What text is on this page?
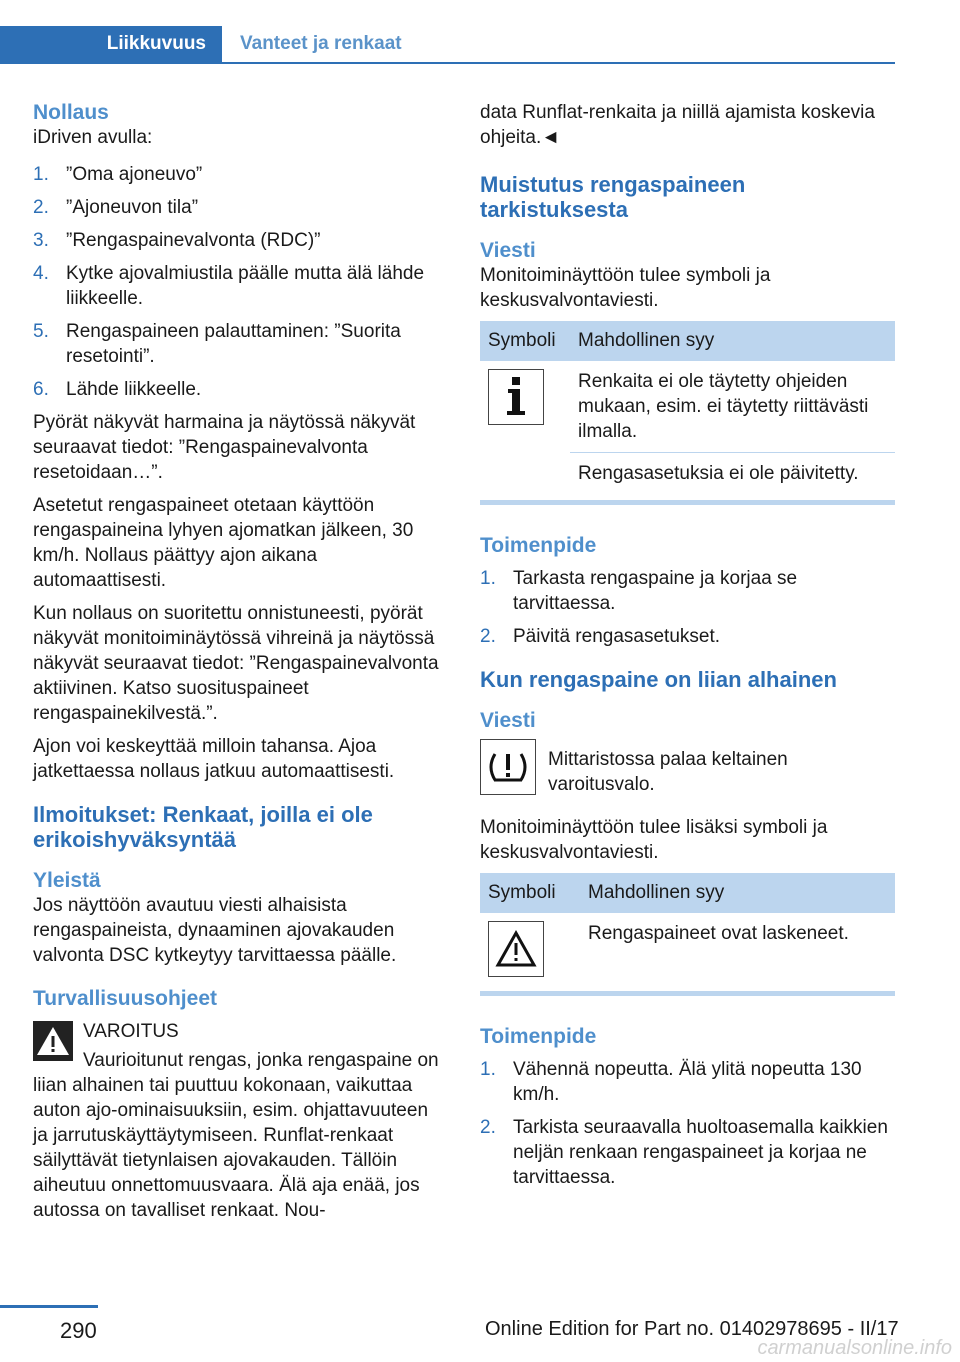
Liikkuvuus	Vanteet ja renkaat
Nollaus

iDriven avulla:

1. ”Oma ajoneuvo”
2. ”Ajoneuvon tila”
3. ”Rengaspainevalvonta (RDC)”
4. Kytke ajovalmiustila päälle mutta älä lähde liikkeelle.
5. Rengaspaineen palauttaminen: ”Suorita resetointi”.
6. Lähde liikkeelle.

Pyörät näkyvät harmaina ja näytössä näkyvät seuraavat tiedot: ”Rengaspainevalvonta resetoidaan…”.

Asetetut rengaspaineet otetaan käyttöön rengaspaineina lyhyen ajomatkan jälkeen, 30 km/h. Nollaus päättyy ajon aikana automaattisesti.

Kun nollaus on suoritettu onnistuneesti, pyörät näkyvät monitoiminäytössä vihreinä ja näytössä näkyvät seuraavat tiedot: ”Rengaspainevalvonta aktiivinen. Katso suosituspaineet rengaspainekilvestä.”.

Ajon voi keskeyttää milloin tahansa. Ajoa jatkettaessa nollaus jatkuu automaattisesti.

Ilmoitukset: Renkaat, joilla ei ole erikoishyväksyntää
Yleistä

Jos näyttöön avautuu viesti alhaisista rengaspaineista, dynaaminen ajovakauden valvonta DSC kytkeytyy tarvittaessa päälle.

Turvallisuusohjeet

VAROITUS

Vaurioitunut rengas, jonka rengaspaine on liian alhainen tai puuttuu kokonaan, vaikuttaa auton ajo-ominaisuuksiin, esim. ohjattavuuteen ja jarrutuskäyttäytymiseen. Runflat-renkaat säilyttävät tietynlaisen ajovakauden. Tällöin aiheutuu onnettomuusvaara. Älä aja enää, jos autossa on tavalliset renkaat. Nou-

data Runflat-renkaita ja niillä ajamista koskevia ohjeita.◄

Muistutus rengaspaineen tarkistuksesta
Viesti

Monitoiminäyttöön tulee symboli ja keskusvalvontaviesti.

Symboli	Mahdollinen syy

	Renkaita ei ole täytetty ohjeiden mukaan, esim. ei täytetty riittävästi ilmalla.
	Rengasasetuksia ei ole päivitetty.
Toimenpide
1. Tarkasta rengaspaine ja korjaa se tarvittaessa.
2. Päivitä rengasasetukset.
Kun rengaspaine on liian alhainen
Viesti

Mittaristossa palaa keltainen varoitusvalo.

Monitoiminäyttöön tulee lisäksi symboli ja keskusvalvontaviesti.

Symboli	Mahdollinen syy

	Rengaspaineet ovat laskeneet.
Toimenpide
1. Vähennä nopeutta. Älä ylitä nopeutta 130 km/h.
2. Tarkista seuraavalla huoltoasemalla kaikkien neljän renkaan rengaspaineet ja korjaa ne tarvittaessa.
290	Online Edition for Part no. 01402978695 - II/17
carmanualsonline.info
